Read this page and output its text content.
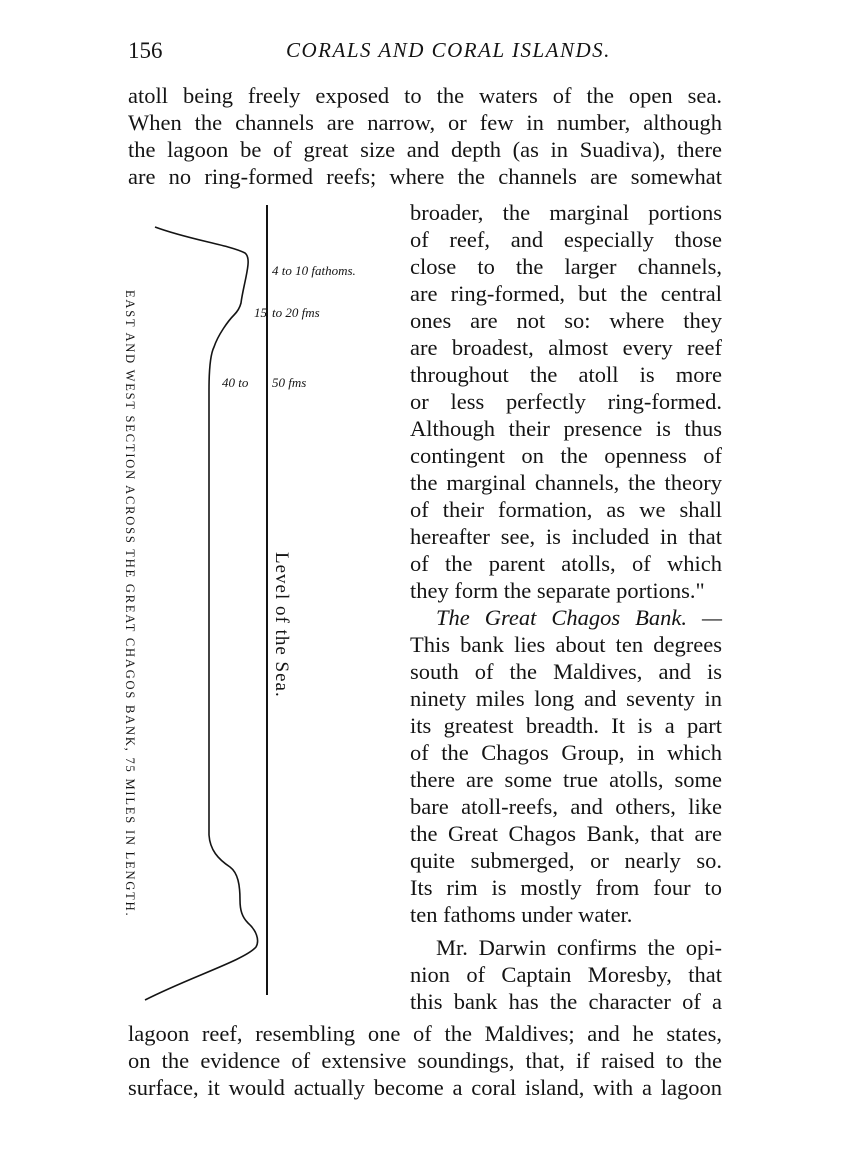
156	CORALS AND CORAL ISLANDS.
atoll being freely exposed to the waters of the open sea.
When the channels are narrow, or few in number, although
the lagoon be of great size and depth (as in Suadiva), there
are no ring-formed reefs; where the channels are somewhat
EAST AND WEST SECTION ACROSS THE GREAT CHAGOS BANK, 75 MILES IN LENGTH.	Level of the Sea.
4 to 10 fathoms.
15 to 20 fms
40 to 50 fms
broader, the marginal portions
of reef, and especially those
close to the larger channels,
are ring-formed, but the central
ones are not so: where they
are broadest, almost every reef
throughout the atoll is more
or less perfectly ring-formed.
Although their presence is thus
contingent on the openness of
the marginal channels, the theory
of their formation, as we shall
hereafter see, is included in that
of the parent atolls, of which
they form the separate portions."
The Great Chagos Bank. —
This bank lies about ten degrees
south of the Maldives, and is
ninety miles long and seventy in
its greatest breadth. It is a part
of the Chagos Group, in which
there are some true atolls, some
bare atoll-reefs, and others, like
the Great Chagos Bank, that are
quite submerged, or nearly so.
Its rim is mostly from four to
ten fathoms under water.
Mr. Darwin confirms the opi-
nion of Captain Moresby, that
this bank has the character of a
lagoon reef, resembling one of the Maldives; and he states,
on the evidence of extensive soundings, that, if raised to the
surface, it would actually become a coral island, with a lagoon
